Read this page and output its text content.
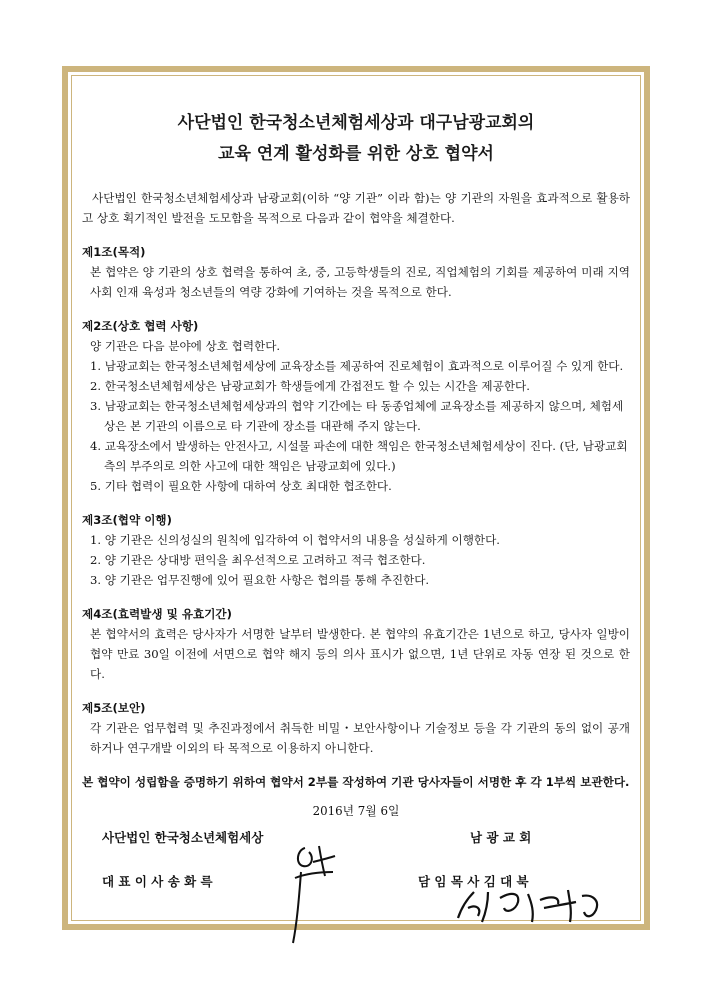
사단법인 한국청소년체험세상과 대구남광교회의
교육 연계 활성화를 위한 상호 협약서

사단법인 한국청소년체험세상과 남광교회(이하 “양 기관” 이라 함)는 양 기관의 자원을 효과적으로 활용하고 상호 획기적인 발전을 도모함을 목적으로 다음과 같이 협약을 체결한다.

제1조(목적)

본 협약은 양 기관의 상호 협력을 통하여 초, 중, 고등학생들의 진로, 직업체험의 기회를 제공하여 미래 지역사회 인재 육성과 청소년들의 역량 강화에 기여하는 것을 목적으로 한다.

제2조(상호 협력 사항)

양 기관은 다음 분야에 상호 협력한다.

1. 남광교회는 한국청소년체험세상에 교육장소를 제공하여 진로체험이 효과적으로 이루어질 수 있게 한다.
2. 한국청소년체험세상은 남광교회가 학생들에게 간접전도 할 수 있는 시간을 제공한다.
3. 남광교회는 한국청소년체험세상과의 협약 기간에는 타 동종업체에 교육장소를 제공하지 않으며, 체험세상은 본 기관의 이름으로 타 기관에 장소를 대관해 주지 않는다.
4. 교육장소에서 발생하는 안전사고, 시설물 파손에 대한 책임은 한국청소년체험세상이 진다. (단, 남광교회 측의 부주의로 의한 사고에 대한 책임은 남광교회에 있다.)
5. 기타 협력이 필요한 사항에 대하여 상호 최대한 협조한다.

제3조(협약 이행)

1. 양 기관은 신의성실의 원칙에 입각하여 이 협약서의 내용을 성실하게 이행한다.
2. 양 기관은 상대방 편익을 최우선적으로 고려하고 적극 협조한다.
3. 양 기관은 업무진행에 있어 필요한 사항은 협의를 통해 추진한다.

제4조(효력발생 및 유효기간)

본 협약서의 효력은 당사자가 서명한 날부터 발생한다. 본 협약의 유효기간은 1년으로 하고, 당사자 일방이 협약 만료 30일 이전에 서면으로 협약 해지 등의 의사 표시가 없으면, 1년 단위로 자동 연장 된 것으로 한다.

제5조(보안)

각 기관은 업무협력 및 추진과정에서 취득한 비밀・보안사항이나 기술정보 등을 각 기관의 동의 없이 공개하거나 연구개발 이외의 타 목적으로 이용하지 아니한다.

본 협약이 성립함을 증명하기 위하여 협약서 2부를 작성하여 기관 당사자들이 서명한 후 각 1부씩 보관한다.

2016년 7월 6일
사단법인 한국청소년체험세상
대 표 이 사 송 화 륵
남 광 교 회
담 임 목 사 김 대 북
